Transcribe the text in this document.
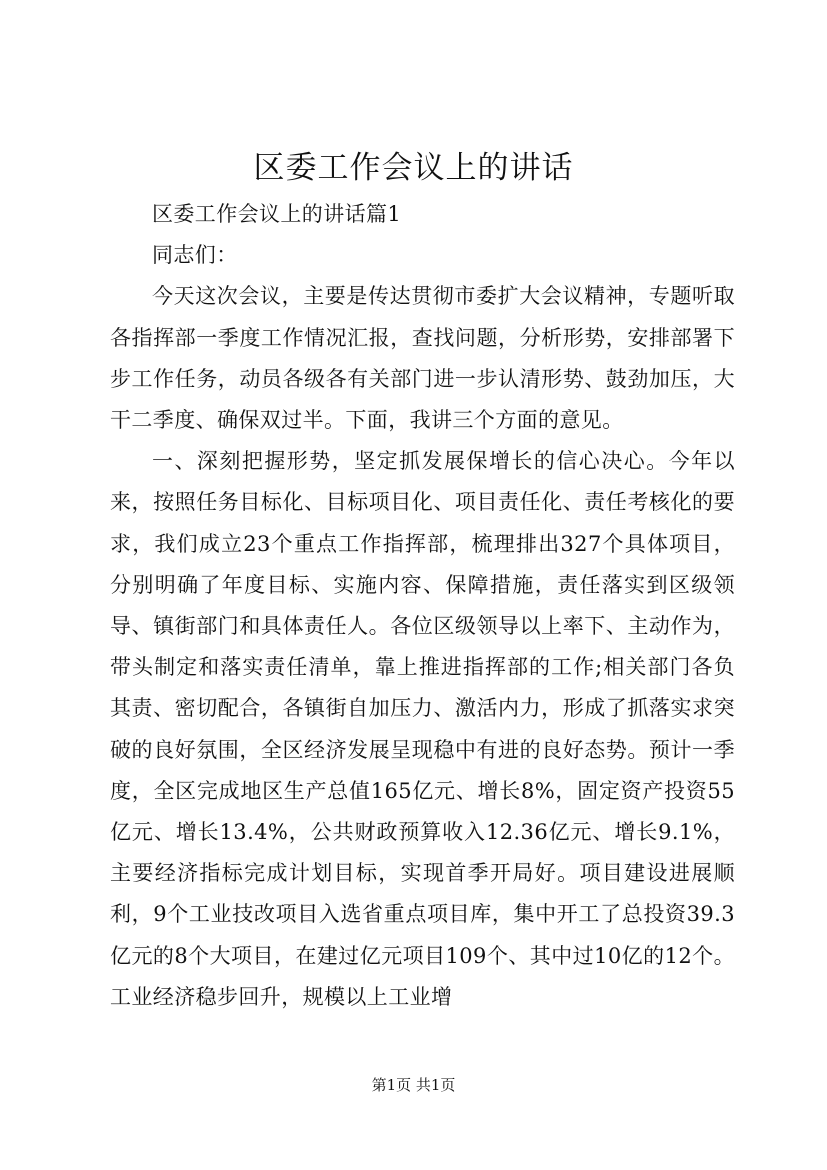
区委工作会议上的讲话

区委工作会议上的讲话篇1

同志们：

今天这次会议，主要是传达贯彻市委扩大会议精神，专题听取各指挥部一季度工作情况汇报，查找问题，分析形势，安排部署下步工作任务，动员各级各有关部门进一步认清形势、鼓劲加压，大干二季度、确保双过半。下面，我讲三个方面的意见。

一、深刻把握形势，坚定抓发展保增长的信心决心。今年以来，按照任务目标化、目标项目化、项目责任化、责任考核化的要求，我们成立23个重点工作指挥部，梳理排出327个具体项目，分别明确了年度目标、实施内容、保障措施，责任落实到区级领导、镇街部门和具体责任人。各位区级领导以上率下、主动作为，带头制定和落实责任清单，靠上推进指挥部的工作;相关部门各负其责、密切配合，各镇街自加压力、激活内力，形成了抓落实求突破的良好氛围，全区经济发展呈现稳中有进的良好态势。预计一季度，全区完成地区生产总值165亿元、增长8%，固定资产投资55亿元、增长13.4%，公共财政预算收入12.36亿元、增长9.1%，主要经济指标完成计划目标，实现首季开局好。项目建设进展顺利，9个工业技改项目入选省重点项目库，集中开工了总投资39.3亿元的8个大项目，在建过亿元项目109个、其中过10亿的12个。工业经济稳步回升，规模以上工业增

第1页 共1页
